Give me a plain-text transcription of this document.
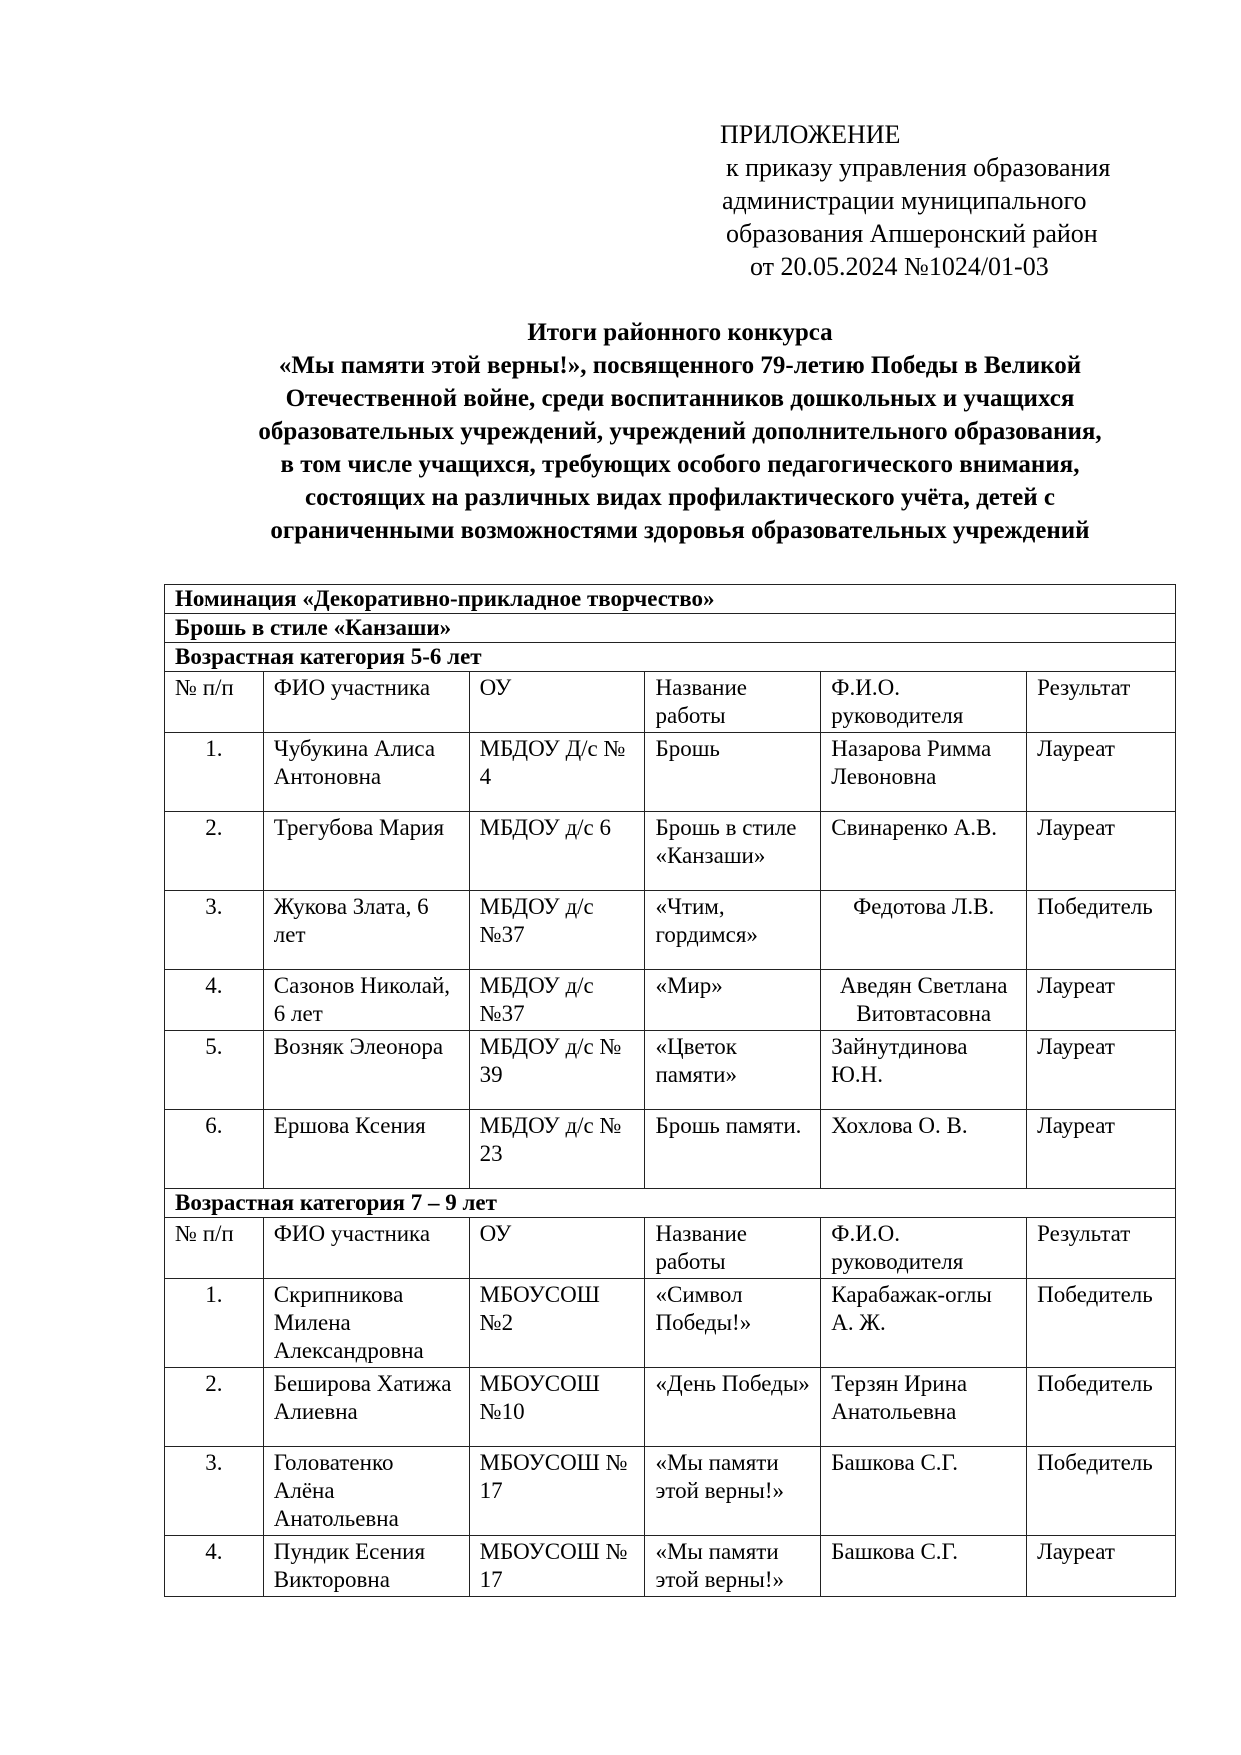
ПРИЛОЖЕНИЕ
к приказу управления образования
администрации муниципального
образования Апшеронский район
от 20.05.2024 №1024/01-03
Итоги районного конкурса
«Мы памяти этой верны!», посвященного 79-летию Победы в Великой
Отечественной войне, среди воспитанников дошкольных и учащихся
образовательных учреждений, учреждений дополнительного образования,
в том числе учащихся, требующих особого педагогического внимания,
состоящих на различных видах профилактического учёта, детей с
ограниченными возможностями здоровья образовательных учреждений
Номинация «Декоративно-прикладное творчество»					
Брошь в стиле «Канзаши»					
Возрастная категория 5-6 лет					
№ п/п	ФИО участника	ОУ	Название работы	Ф.И.О. руководителя	Результат
1.	Чубукина Алиса Антоновна	МБДОУ Д/с № 4	Брошь	Назарова Римма Левоновна	Лауреат
2.	Трегубова Мария	МБДОУ д/с 6	Брошь в стиле «Канзаши»	Свинаренко А.В.	Лауреат
3.	Жукова Злата, 6 лет	МБДОУ д/с №37	«Чтим, гордимся»	Федотова Л.В.	Победитель
4.	Сазонов Николай, 6 лет	МБДОУ д/с №37	«Мир»	Аведян Светлана Витовтасовна	Лауреат
5.	Возняк Элеонора	МБДОУ д/с № 39	«Цветок памяти»	Зайнутдинова Ю.Н.	Лауреат
6.	Ершова Ксения	МБДОУ д/с № 23	Брошь памяти.	Хохлова О. В.	Лауреат
Возрастная категория 7 – 9 лет					
№ п/п	ФИО участника	ОУ	Название работы	Ф.И.О. руководителя	Результат
1.	Скрипникова Милена Александровна	МБОУСОШ №2	«Символ Победы!»	Карабажак-оглы А. Ж.	Победитель
2.	Беширова Хатижа Алиевна	МБОУСОШ №10	«День Победы»	Терзян Ирина Анатольевна	Победитель
3.	Головатенко Алёна Анатольевна	МБОУСОШ № 17	«Мы памяти этой верны!»	Башкова С.Г.	Победитель
4.	Пундик Есения Викторовна	МБОУСОШ № 17	«Мы памяти этой верны!»	Башкова С.Г.	Лауреат
